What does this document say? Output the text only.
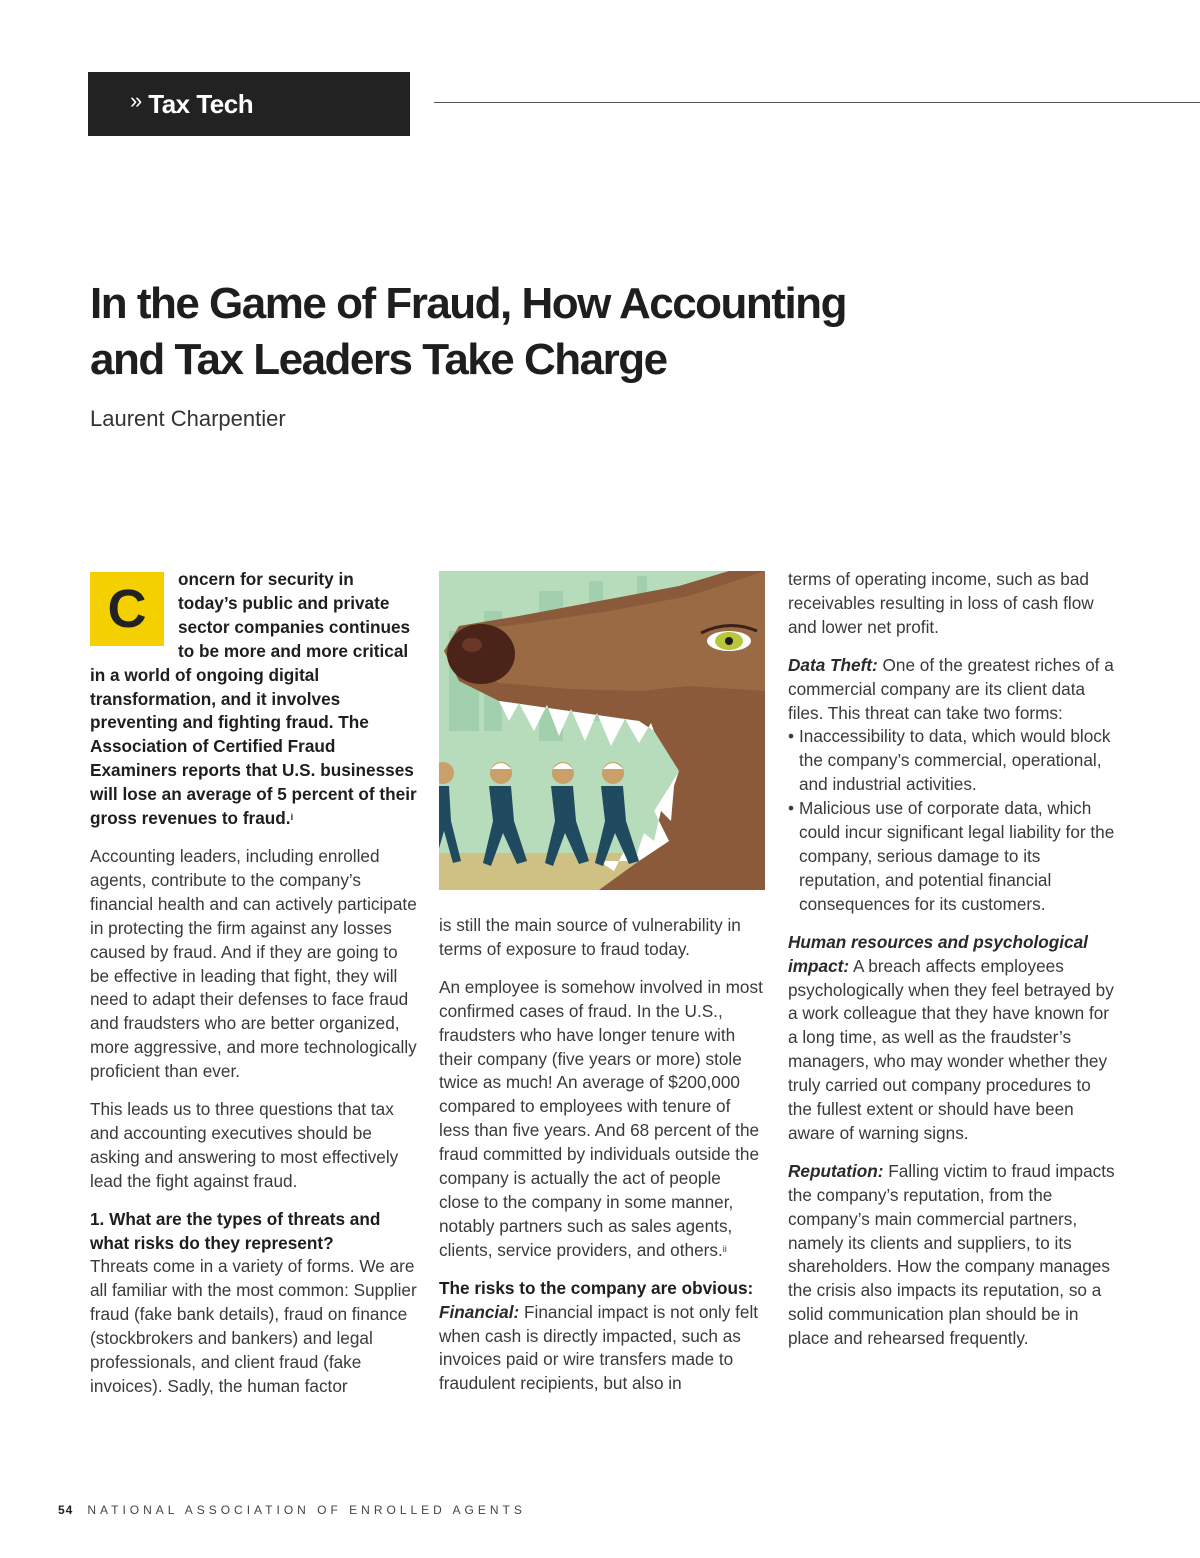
» Tax Tech
In the Game of Fraud, How Accounting
and Tax Leaders Take Charge
Laurent Charpentier

C	oncern for security in today’s public and private sector companies continues to be more and more critical in a world of ongoing digital transformation, and it involves preventing and fighting fraud. The Association of Certified Fraud Examiners reports that U.S. businesses will lose an average of 5 percent of their gross revenues to fraud.$^i$

Accounting leaders, including enrolled agents, contribute to the company’s financial health and can actively participate in protecting the firm against any losses caused by fraud. And if they are going to be effective in leading that fight, they will need to adapt their defenses to face fraud and fraudsters who are better organized, more aggressive, and more technologically proficient than ever.

This leads us to three questions that tax and accounting executives should be asking and answering to most effectively lead the fight against fraud.

1. What are the types of threats and what risks do they represent?
Threats come in a variety of forms. We are all familiar with the most common: Supplier fraud (fake bank details), fraud on finance (stockbrokers and bankers) and legal professionals, and client fraud (fake invoices). Sadly, the human factor

is still the main source of vulnerability in terms of exposure to fraud today.

An employee is somehow involved in most confirmed cases of fraud. In the U.S., fraudsters who have longer tenure with their company (five years or more) stole twice as much! An average of $200,000 compared to employees with tenure of less than five years. And 68 percent of the fraud committed by individuals outside the company is actually the act of people close to the company in some manner, notably partners such as sales agents, clients, service providers, and others.$^{ii}$

The risks to the company are obvious:
Financial: Financial impact is not only felt when cash is directly impacted, such as invoices paid or wire transfers made to fraudulent recipients, but also in

terms of operating income, such as bad receivables resulting in loss of cash flow and lower net profit.

Data Theft: One of the greatest riches of a commercial company are its client data files. This threat can take two forms:

• Inaccessibility to data, which would block the company’s commercial, operational, and industrial activities.
• Malicious use of corporate data, which could incur significant legal liability for the company, serious damage to its reputation, and potential financial consequences for its customers.

Human resources and psychological impact: A breach affects employees psychologically when they feel betrayed by a work colleague that they have known for a long time, as well as the fraudster’s managers, who may wonder whether they truly carried out company procedures to the fullest extent or should have been aware of warning signs.

Reputation: Falling victim to fraud impacts the company’s reputation, from the company’s main commercial partners, namely its clients and suppliers, to its shareholders. How the company manages the crisis also impacts its reputation, so a solid communication plan should be in place and rehearsed frequently.

54 NATIONAL ASSOCIATION OF ENROLLED AGENTS
